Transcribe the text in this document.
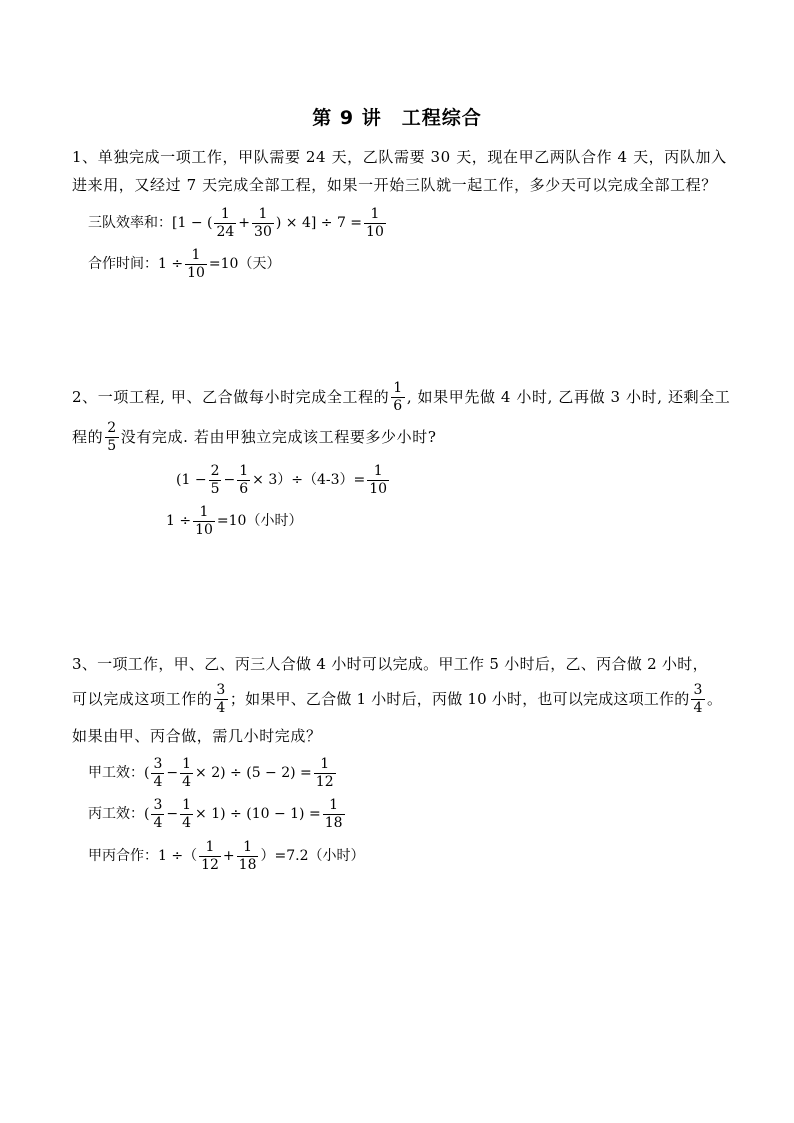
第 9 讲　工程综合
1、单独完成一项工作，甲队需要 24 天，乙队需要 30 天，现在甲乙两队合作 4 天，丙队加入
进来用，又经过 7 天完成全部工程，如果一开始三队就一起工作，多少天可以完成全部工程？
三队效率和： [1 − ( $\frac{1}{24} + \frac{1}{30}$ ) × $4] \div 7 = \frac{1}{10}$
合作时间：$1 \div \frac{1}{10} =10$（天）
2、一项工程, 甲、乙合做每小时完成全工程的 $\frac{1}{6}$ , 如果甲先做 4 小时, 乙再做 3 小时, 还剩全工
程的 $\frac{2}{5}$ 没有完成. 若由甲独立完成该工程要多少小时?
$(1 - \frac{2}{5} - \frac{1}{6} \times 3)\div(4-3)= \frac{1}{10}$
$1 \div \frac{1}{10} =10$（小时）
3、一项工作，甲、乙、丙三人合做 4 小时可以完成。甲工作 5 小时后，乙、丙合做 2 小时，
可以完成这项工作的 $\frac{3}{4}$ ；如果甲、乙合做 1 小时后，丙做 10 小时，也可以完成这项工作的 $\frac{3}{4}$ 。
如果由甲、丙合做，需几小时完成？
甲工效：( $\frac{3}{4} - \frac{1}{4} \times 2) \div (5 - 2) = \frac{1}{12}$
丙工效：( $\frac{3}{4} - \frac{1}{4} \times 1) \div (10 - 1) = \frac{1}{18}$
甲丙合作：1 ÷（ $\frac{1}{12} + \frac{1}{18} )=7.2$（小时）
